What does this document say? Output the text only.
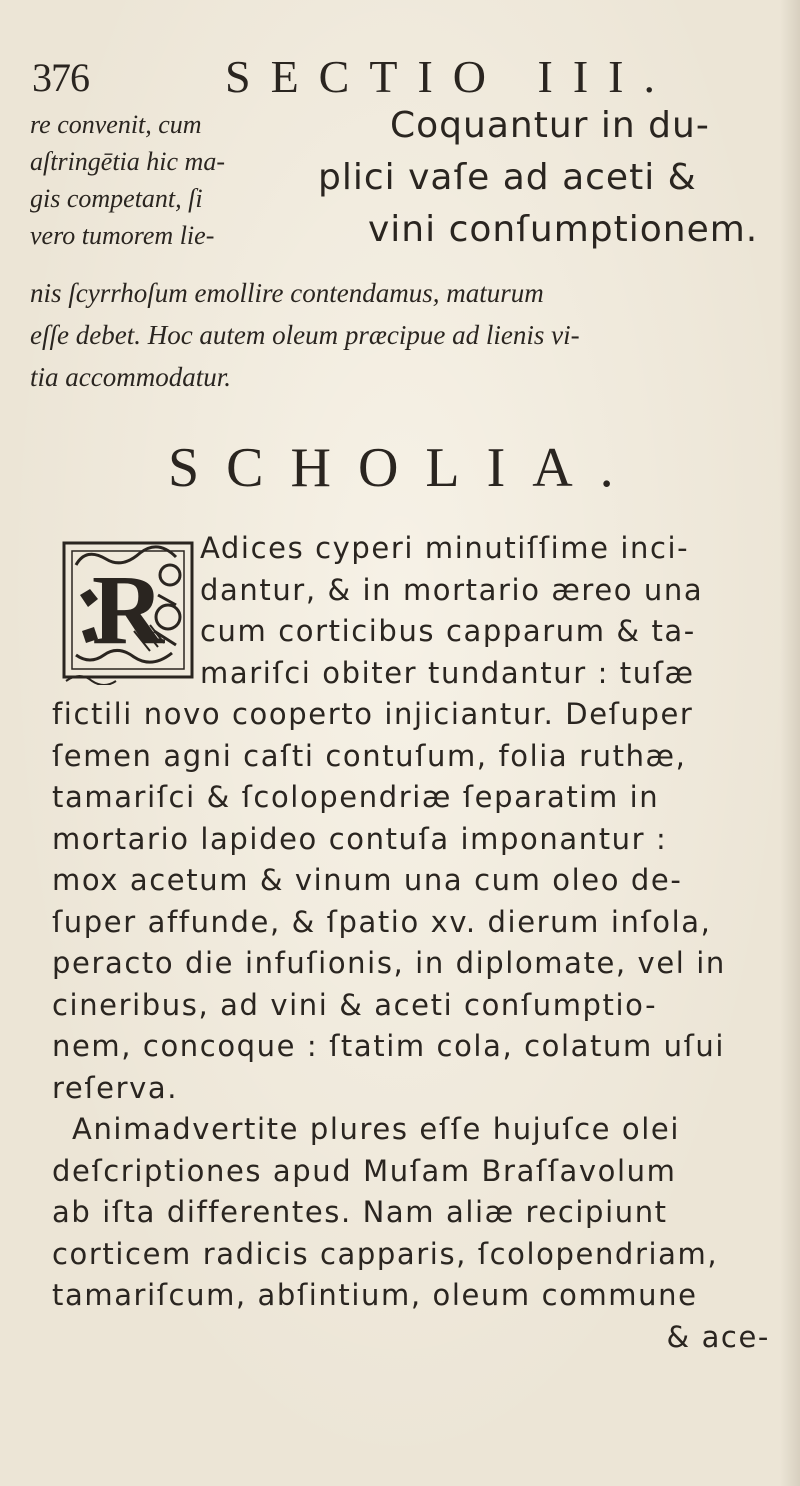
376	SECTIO III.
re convenit, cum
aſtringētia hic ma-
gis competant, ſi
vero tumorem lie-
Coquantur in du-
plici vaſe ad aceti &
vini conſumptionem.
nis ſcyrrhoſum emollire contendamus, maturum
eſſe debet. Hoc autem oleum præcipue ad lienis vi-
tia accommodatur.
SCHOLIA.
R
Adices cyperi minutiſſime inci-
dantur, & in mortario æreo una
cum corticibus capparum & ta-
mariſci obiter tundantur : tuſæ
fictili novo cooperto injiciantur. Deſuper
ſemen agni caſti contuſum, folia ruthæ,
tamariſci & ſcolopendriæ ſeparatim in
mortario lapideo contuſa imponantur :
mox acetum & vinum una cum oleo de-
ſuper affunde, & ſpatio xv. dierum inſola,
peracto die infuſionis, in diplomate, vel in
cineribus, ad vini & aceti conſumptio-
nem, concoque : ſtatim cola, colatum uſui
reſerva.
Animadvertite plures eſſe hujuſce olei
deſcriptiones apud Muſam Braſſavolum
ab iſta differentes. Nam aliæ recipiunt
corticem radicis capparis, ſcolopendriam,
tamariſcum, abſintium, oleum commune
& ace-
